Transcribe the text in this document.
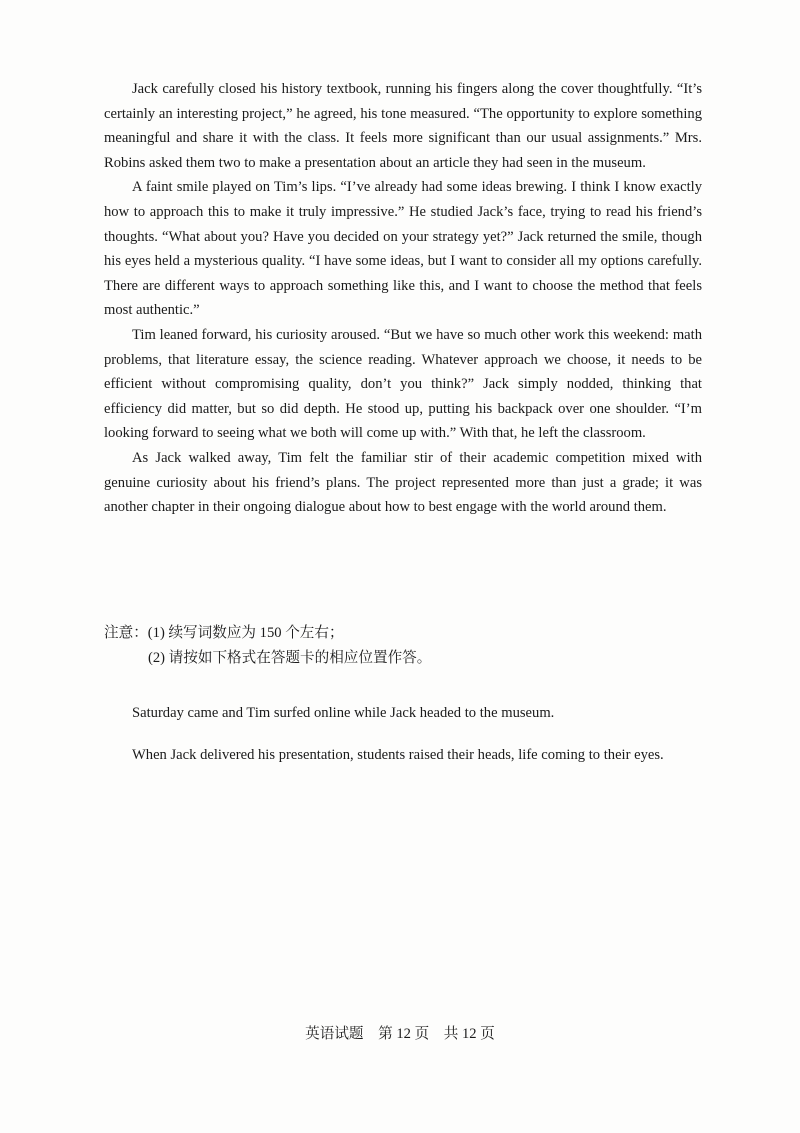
Jack carefully closed his history textbook, running his fingers along the cover thoughtfully. “It’s certainly an interesting project,” he agreed, his tone measured. “The opportunity to explore something meaningful and share it with the class. It feels more significant than our usual assignments.” Mrs. Robins asked them two to make a presentation about an article they had seen in the museum.

A faint smile played on Tim’s lips. “I’ve already had some ideas brewing. I think I know exactly how to approach this to make it truly impressive.” He studied Jack’s face, trying to read his friend’s thoughts. “What about you? Have you decided on your strategy yet?” Jack returned the smile, though his eyes held a mysterious quality. “I have some ideas, but I want to consider all my options carefully. There are different ways to approach something like this, and I want to choose the method that feels most authentic.”

Tim leaned forward, his curiosity aroused. “But we have so much other work this weekend: math problems, that literature essay, the science reading. Whatever approach we choose, it needs to be efficient without compromising quality, don’t you think?” Jack simply nodded, thinking that efficiency did matter, but so did depth. He stood up, putting his backpack over one shoulder. “I’m looking forward to seeing what we both will come up with.” With that, he left the classroom.

As Jack walked away, Tim felt the familiar stir of their academic competition mixed with genuine curiosity about his friend’s plans. The project represented more than just a grade; it was another chapter in their ongoing dialogue about how to best engage with the world around them.

注意：(1) 续写词数应为 150 个左右；
(2) 请按如下格式在答题卡的相应位置作答。

Saturday came and Tim surfed online while Jack headed to the museum.

When Jack delivered his presentation, students raised their heads, life coming to their eyes.

英语试题　第 12 页　共 12 页
